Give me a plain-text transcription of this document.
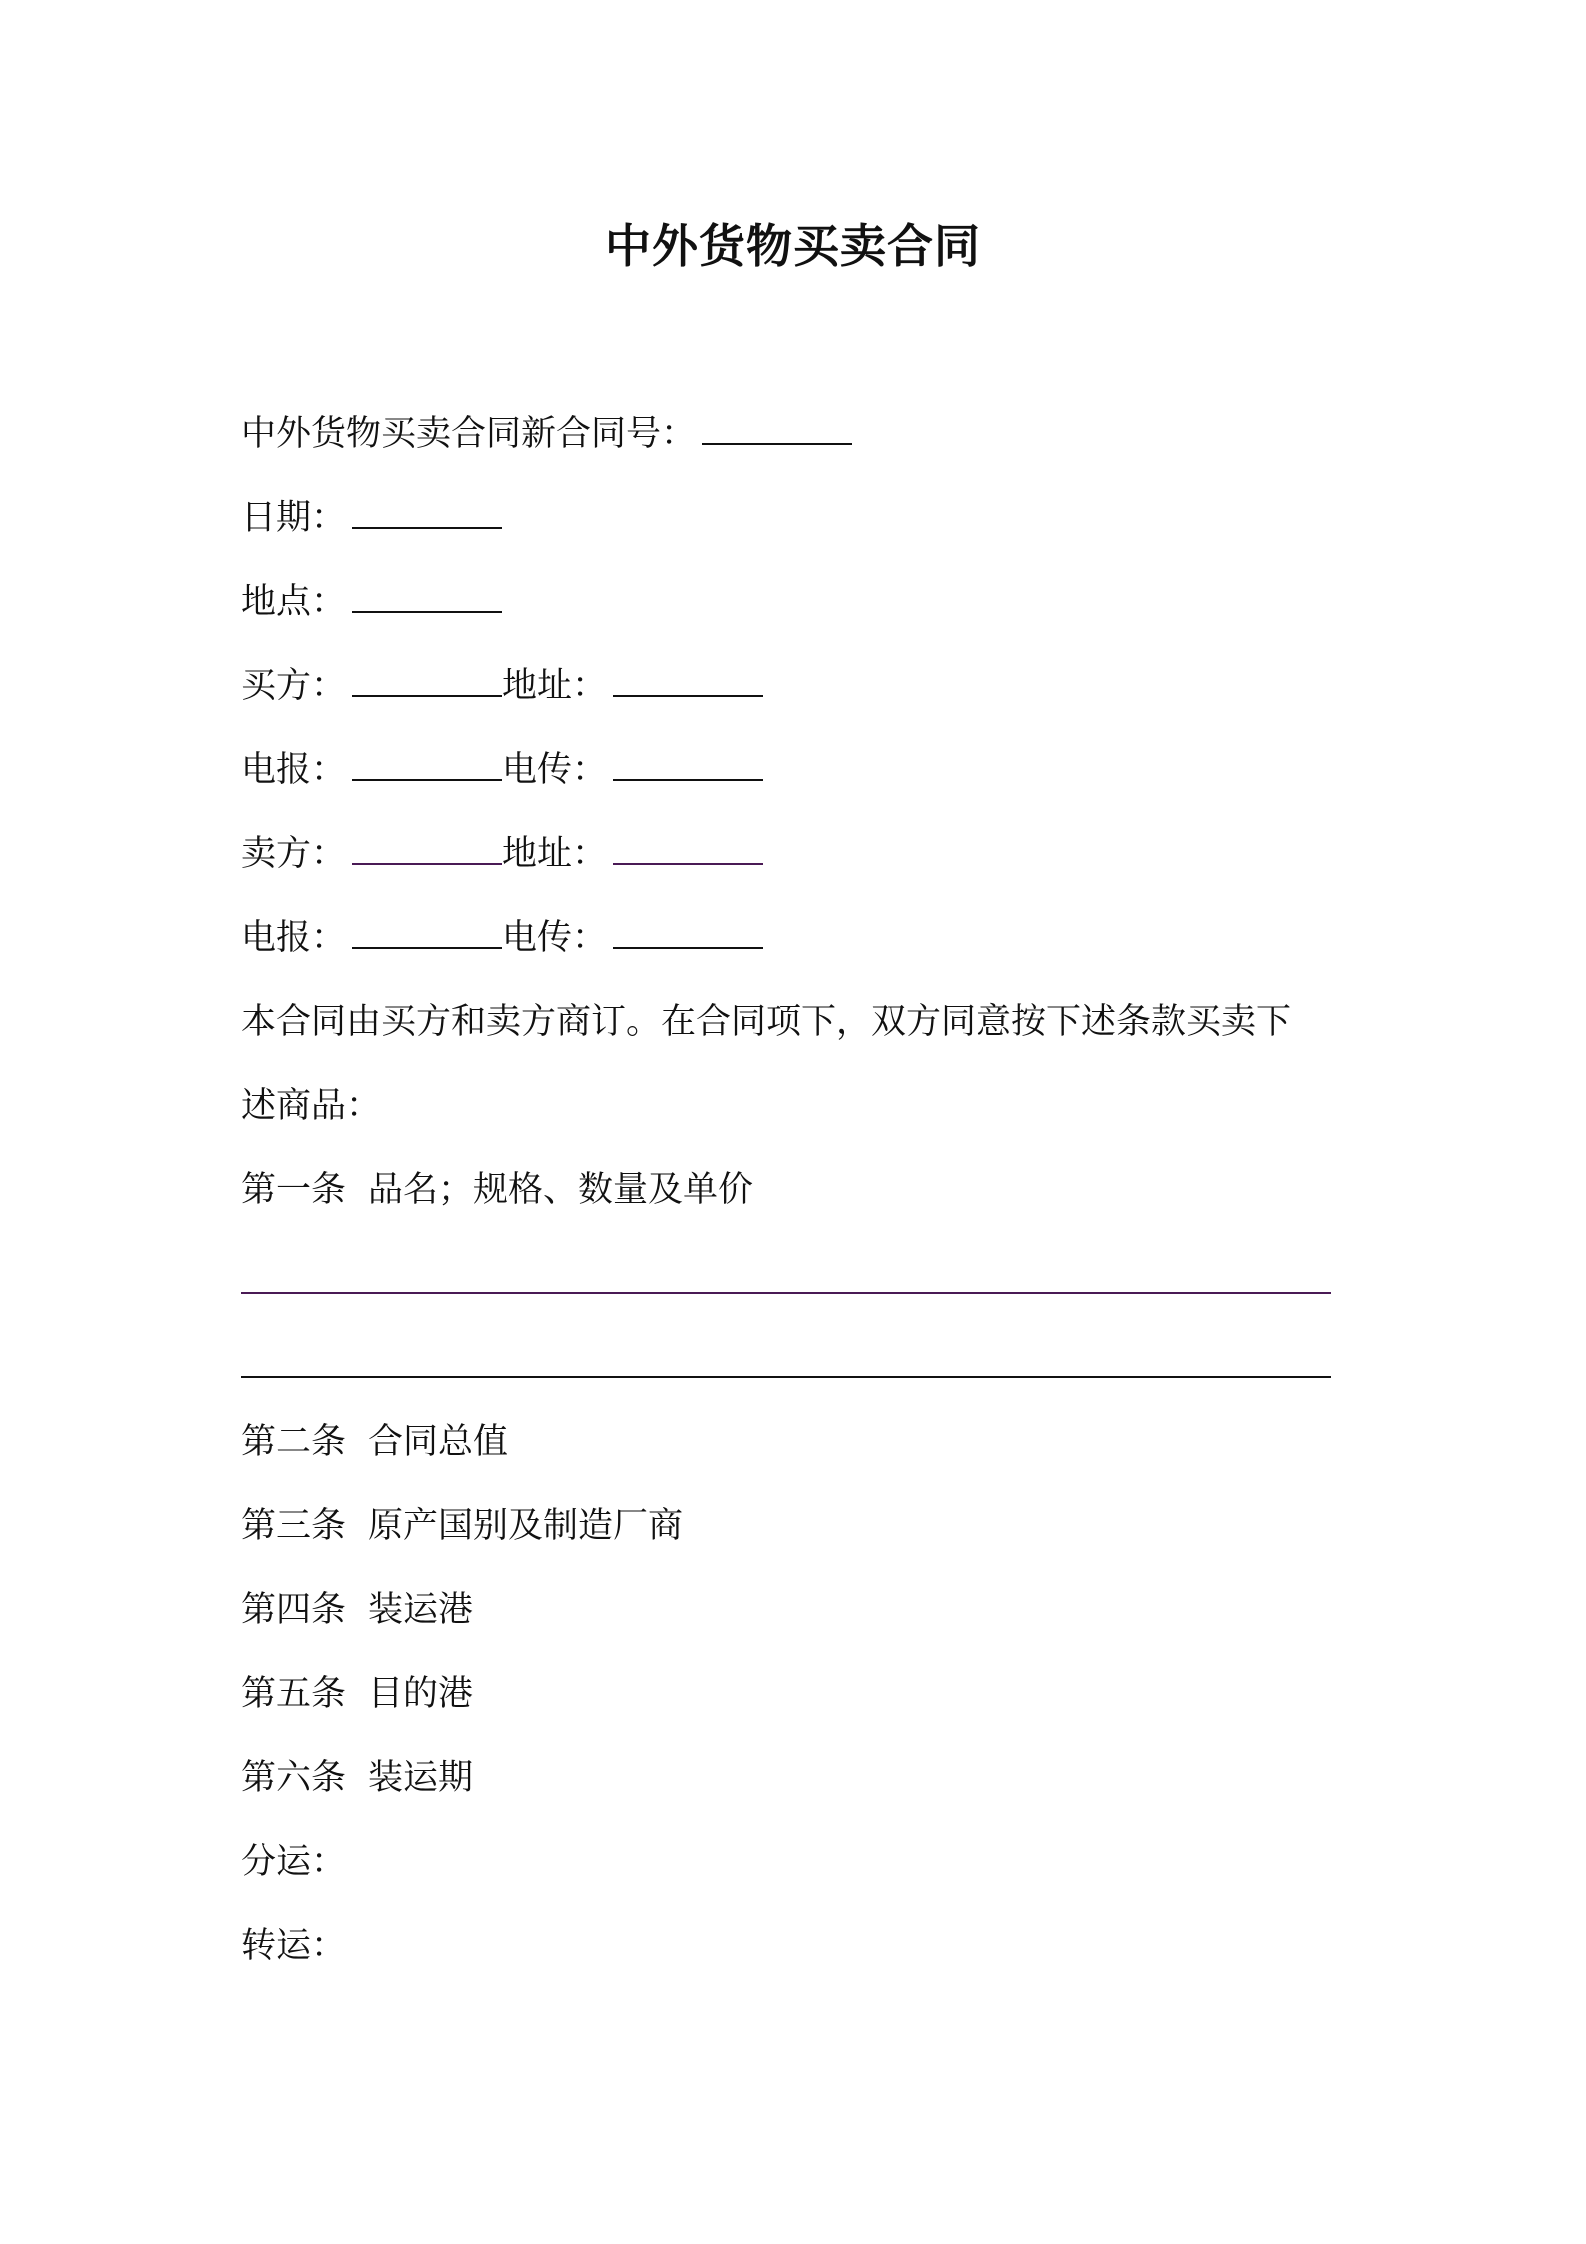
中外货物买卖合同
中外货物买卖合同新合同号：
日期：
地点：
买方：	地址：
电报：	电传：
卖方：	地址：
电报：	电传：
本合同由买方和卖方商订。在合同项下，双方同意按下述条款买卖下
述商品：
第一条 品名；规格、数量及单价
第二条 合同总值
第三条 原产国别及制造厂商
第四条 装运港
第五条 目的港
第六条 装运期
分运：
转运：
